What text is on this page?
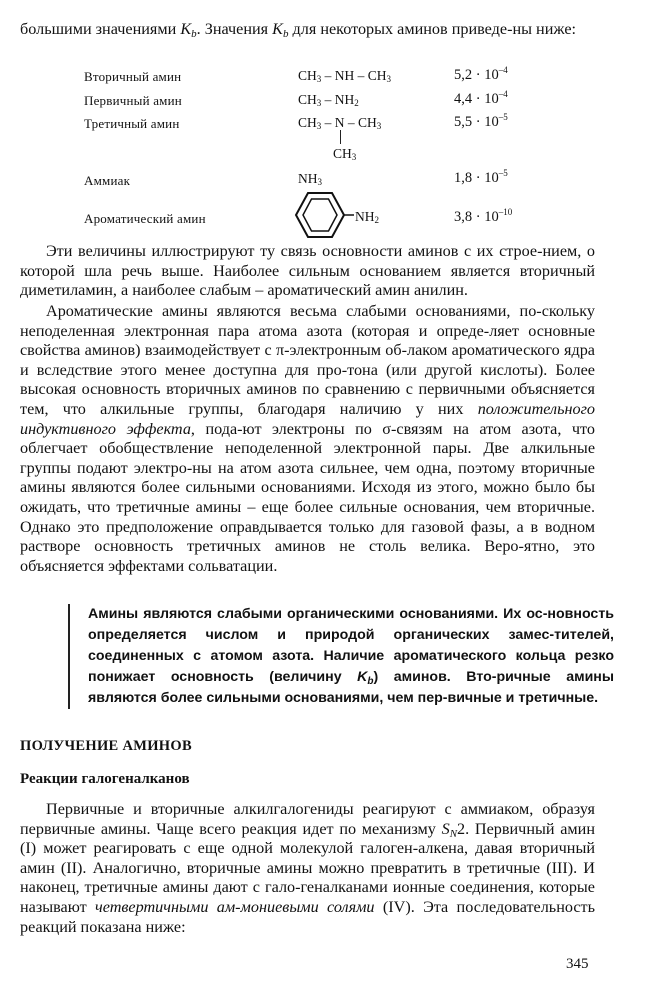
большими значениями $K_b$. Значения $K_b$ для некоторых аминов приведе-ны ниже:

Вторичный амин	$CH_3$ – NH – $CH_3$	$5,2 \cdot 10^{-4}$
Первичный амин	$CH_3 - NH_2$	$4,4 \cdot 10^{-4}$
Третичный амин	$CH_3$ – N – $CH_3$	$5,5 \cdot 10^{-5}$
$CH_3$
Аммиак	$NH_3$	$1,8 \cdot 10^{-5}$
Ароматический амин	$NH_2$	$3,8 \cdot 10^{-10}$

Эти величины иллюстрируют ту связь основности аминов с их строе-нием, о которой шла речь выше. Наиболее сильным основанием является вторичный диметиламин, а наиболее слабым – ароматический амин анилин.

Ароматические амины являются весьма слабыми основаниями, по-скольку неподеленная электронная пара атома азота (которая и опреде-ляет основные свойства аминов) взаимодействует с π-электронным об-лаком ароматического ядра и вследствие этого менее доступна для про-тона (или другой кислоты). Более высокая основность вторичных аминов по сравнению с первичными объясняется тем, что алкильные группы, благодаря наличию у них положительного индуктивного эффекта, пода-ют электроны по σ-связям на атом азота, что облегчает обобществление неподеленной электронной пары. Две алкильные группы подают электро-ны на атом азота сильнее, чем одна, поэтому вторичные амины являются более сильными основаниями. Исходя из этого, можно было бы ожидать, что третичные амины – еще более сильные основания, чем вторичные. Однако это предположение оправдывается только для газовой фазы, а в водном растворе основность третичных аминов не столь велика. Веро-ятно, это объясняется эффектами сольватации.

Амины являются слабыми органическими основаниями. Их ос-новность определяется числом и природой органических замес-тителей, соединенных с атомом азота. Наличие ароматического кольца резко понижает основность (величину $K_b$) аминов. Вто-ричные амины являются более сильными основаниями, чем пер-вичные и третичные.

ПОЛУЧЕНИЕ АМИНОВ

Реакции галогеналканов

Первичные и вторичные алкилгалогениды реагируют с аммиаком, образуя первичные амины. Чаще всего реакция идет по механизму $S_N2$. Первичный амин (I) может реагировать с еще одной молекулой галоген-алкена, давая вторичный амин (II). Аналогично, вторичные амины можно превратить в третичные (III). И наконец, третичные амины дают с гало-геналканами ионные соединения, которые называют четвертичными ам-мониевыми солями (IV). Эта последовательность реакций показана ниже:

345
